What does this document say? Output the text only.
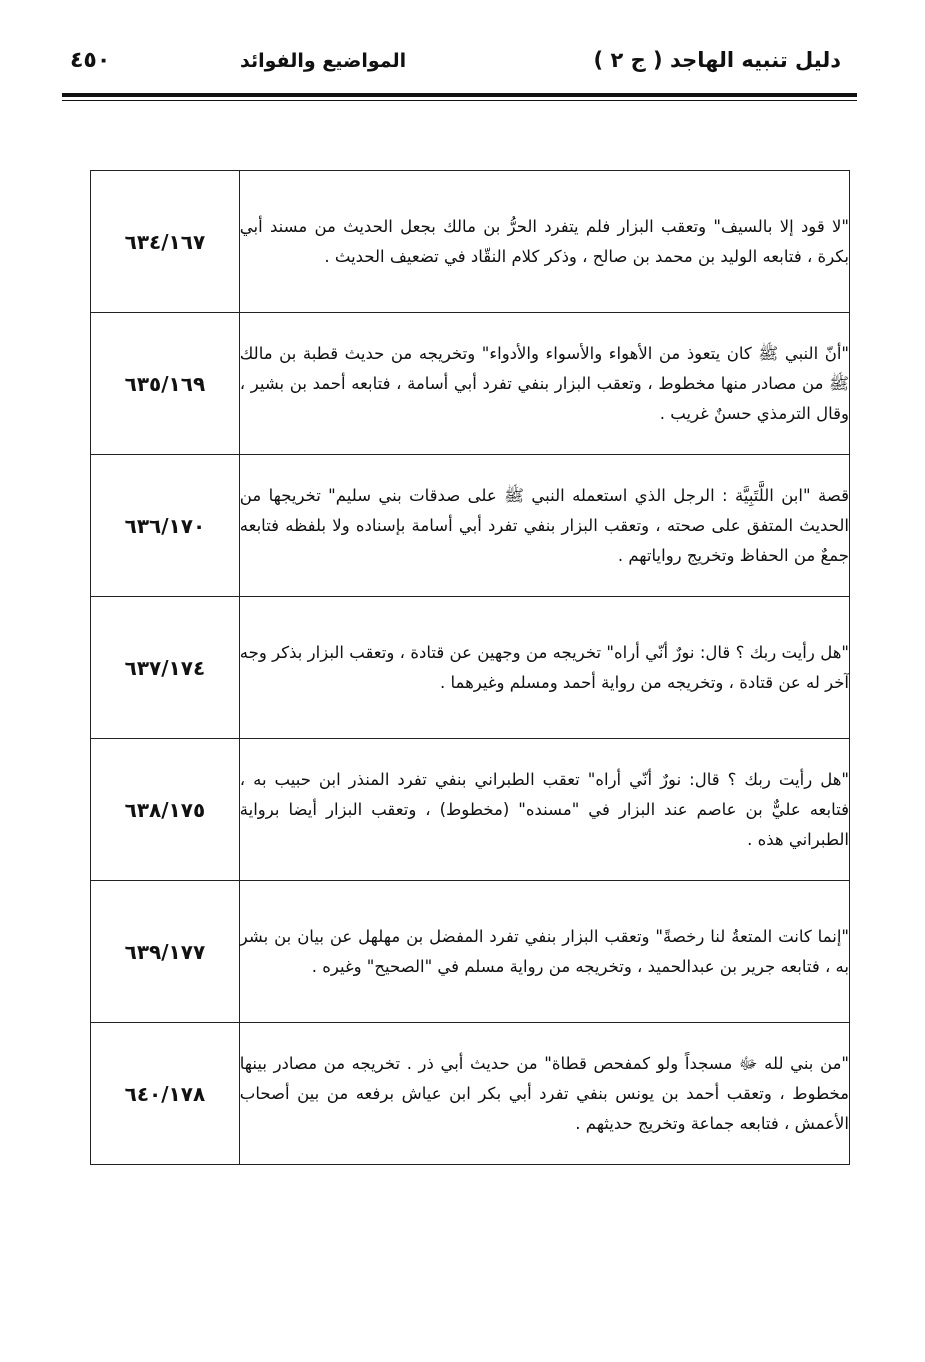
دليل تنبيه الهاجد ( ج ٢ )
المواضيع والفوائد
٤٥٠
"لا قود إلا بالسيف" وتعقب البزار فلم يتفرد الحرُّ بن مالك بجعل الحديث من مسند أبي بكرة ، فتابعه الوليد بن محمد بن صالح ، وذكر كلام النقّاد في تضعيف الحديث .	٦٣٤/١٦٧
"أنّ النبي ﷺ كان يتعوذ من الأهواء والأسواء والأدواء" وتخريجه من حديث قطبة بن مالك ﷺ من مصادر منها مخطوط ، وتعقب البزار بنفي تفرد أبي أسامة ، فتابعه أحمد بن بشير ، وقال الترمذي حسنٌ غريب .	٦٣٥/١٦٩
قصة "ابن اللَّتَبِيَّة : الرجل الذي استعمله النبي ﷺ على صدقات بني سليم" تخريجها من الحديث المتفق على صحته ، وتعقب البزار بنفي تفرد أبي أسامة بإسناده ولا بلفظه فتابعه جمعٌ من الحفاظ وتخريج رواياتهم .	٦٣٦/١٧٠
"هل رأيت ربك ؟ قال: نورٌ أنّي أراه" تخريجه من وجهين عن قتادة ، وتعقب البزار بذكر وجه آخر له عن قتادة ، وتخريجه من رواية أحمد ومسلم وغيرهما .	٦٣٧/١٧٤
"هل رأيت ربك ؟ قال: نورٌ أنّي أراه" تعقب الطبراني بنفي تفرد المنذر ابن حبيب به ، فتابعه عليٌّ بن عاصم عند البزار في "مسنده" (مخطوط) ، وتعقب البزار أيضا برواية الطبراني هذه .	٦٣٨/١٧٥
"إنما كانت المتعةُ لنا رخصةً" وتعقب البزار بنفي تفرد المفضل بن مهلهل عن بيان بن بشر به ، فتابعه جرير بن عبدالحميد ، وتخريجه من رواية مسلم في "الصحيح" وغيره .	٦٣٩/١٧٧
"من بني لله ﷻ مسجداً ولو كمفحص قطاة" من حديث أبي ذر . تخريجه من مصادر بينها مخطوط ، وتعقب أحمد بن يونس بنفي تفرد أبي بكر ابن عياش برفعه من بين أصحاب الأعمش ، فتابعه جماعة وتخريج حديثهم .	٦٤٠/١٧٨
